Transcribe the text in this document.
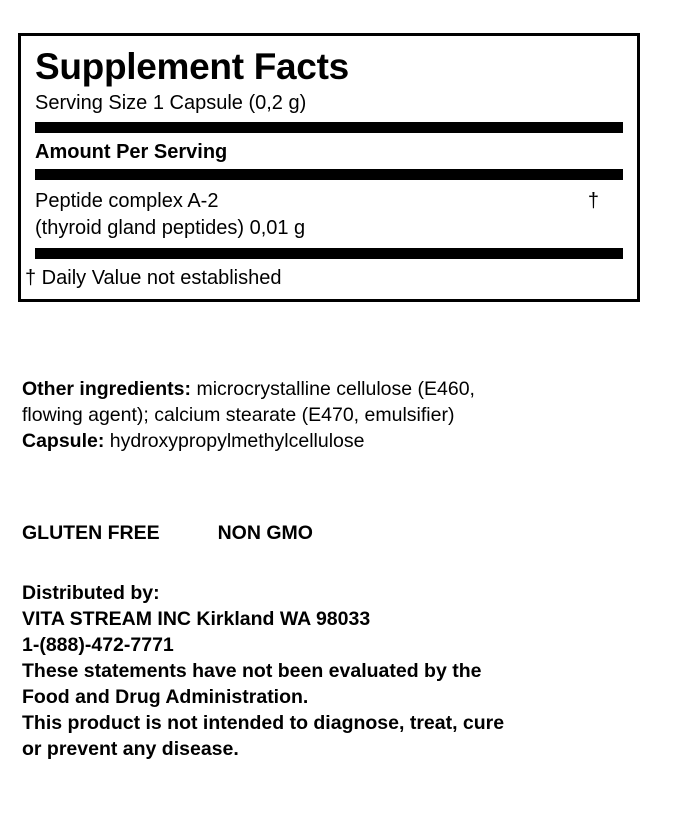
Supplement Facts
Serving Size 1 Capsule (0,2 g)
Amount Per Serving
Peptide complex A-2
(thyroid gland peptides) 0,01 g
†
† Daily Value not established
Other ingredients: microcrystalline cellulose (E460,
flowing agent); calcium stearate (E470, emulsifier)
Capsule: hydroxypropylmethylcellulose
GLUTEN FREE	NON GMO
Distributed by:
VITA STREAM INC Kirkland WA 98033
1-(888)-472-7771
These statements have not been evaluated by the
Food and Drug Administration.
This product is not intended to diagnose, treat, cure
or prevent any disease.
